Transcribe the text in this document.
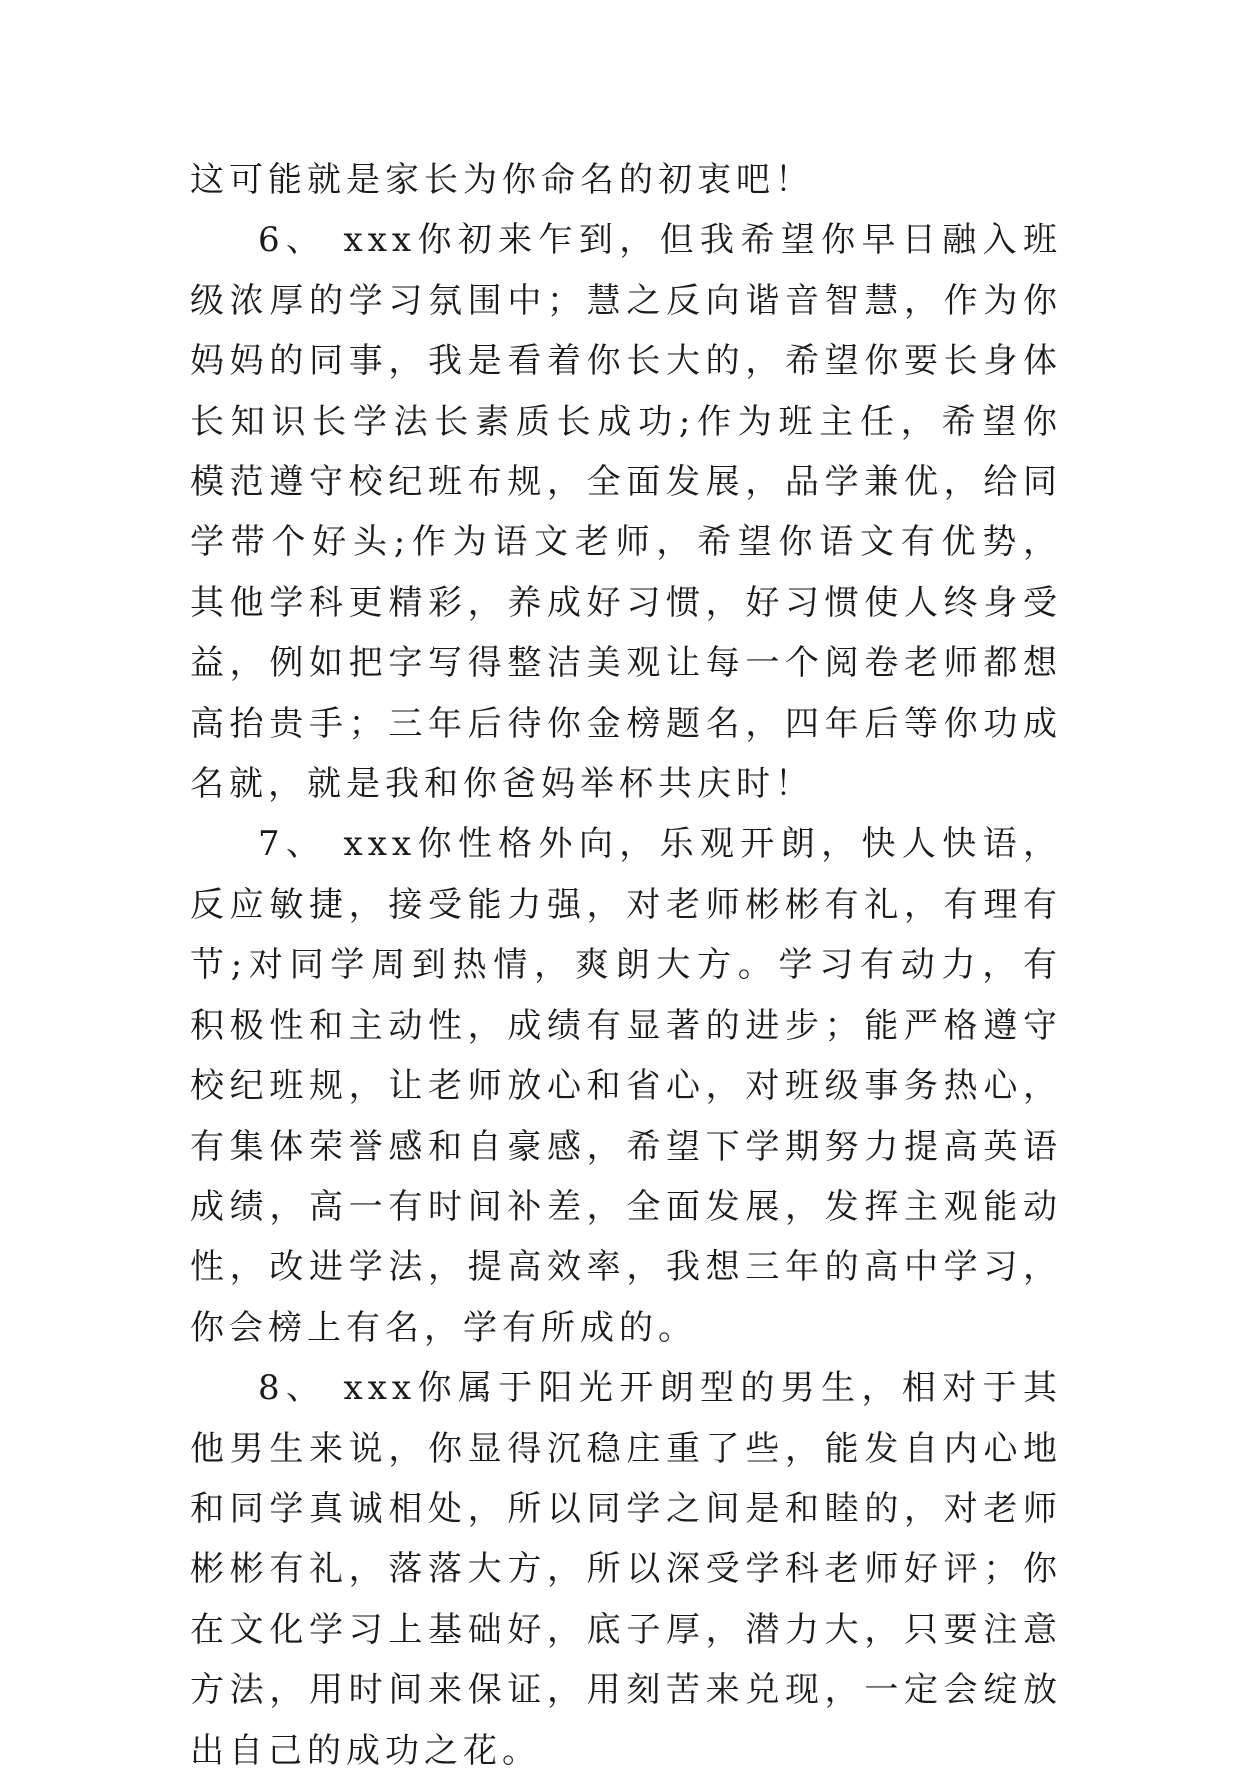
这可能就是家长为你命名的初衷吧！

6、 xxx你初来乍到，但我希望你早日融入班级浓厚的学习氛围中；慧之反向谐音智慧，作为你妈妈的同事，我是看着你长大的，希望你要长身体长知识长学法长素质长成功;作为班主任，希望你模范遵守校纪班布规，全面发展，品学兼优，给同学带个好头;作为语文老师，希望你语文有优势，其他学科更精彩，养成好习惯，好习惯使人终身受益，例如把字写得整洁美观让每一个阅卷老师都想高抬贵手；三年后待你金榜题名，四年后等你功成名就，就是我和你爸妈举杯共庆时！

7、 xxx你性格外向，乐观开朗，快人快语，反应敏捷，接受能力强，对老师彬彬有礼，有理有节;对同学周到热情，爽朗大方。学习有动力，有积极性和主动性，成绩有显著的进步；能严格遵守校纪班规，让老师放心和省心，对班级事务热心，有集体荣誉感和自豪感，希望下学期努力提高英语成绩，高一有时间补差，全面发展，发挥主观能动性，改进学法，提高效率，我想三年的高中学习，你会榜上有名，学有所成的。

8、 xxx你属于阳光开朗型的男生，相对于其他男生来说，你显得沉稳庄重了些，能发自内心地和同学真诚相处，所以同学之间是和睦的，对老师彬彬有礼，落落大方，所以深受学科老师好评；你在文化学习上基础好，底子厚，潜力大，只要注意方法，用时间来保证，用刻苦来兑现，一定会绽放出自己的成功之花。
